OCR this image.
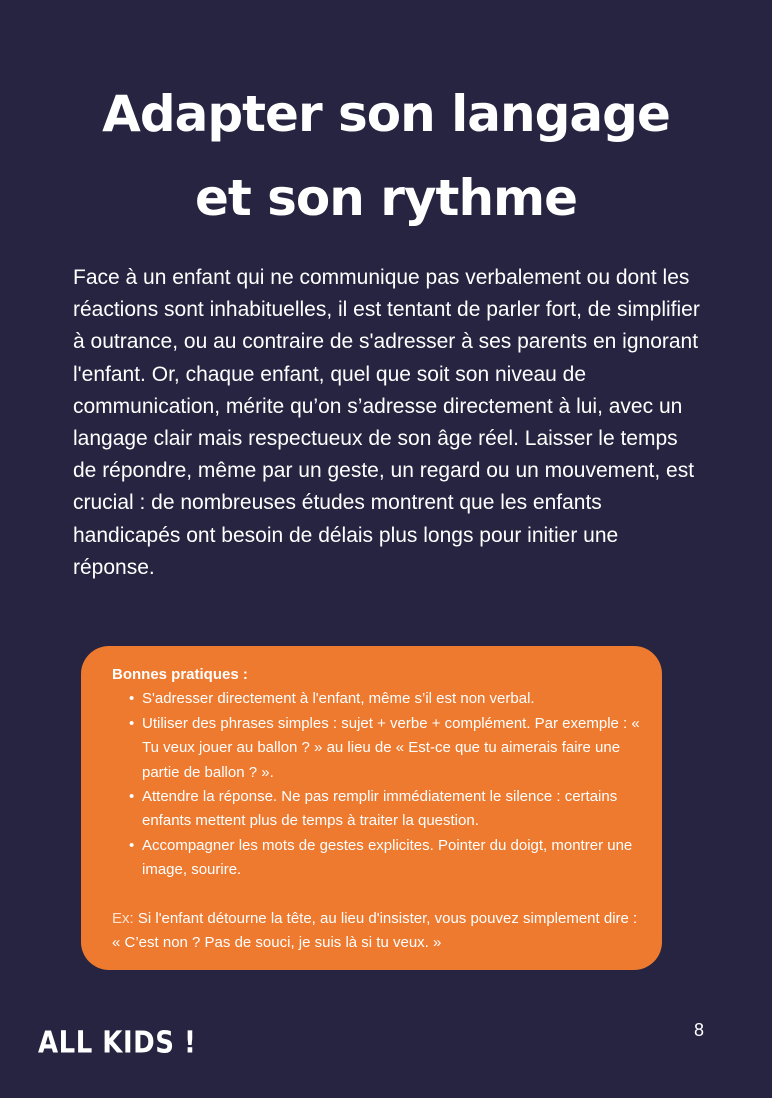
Adapter son langage
et son rythme

Face à un enfant qui ne communique pas verbalement ou dont les réactions sont inhabituelles, il est tentant de parler fort, de simplifier à outrance, ou au contraire de s'adresser à ses parents en ignorant l'enfant. Or, chaque enfant, quel que soit son niveau de communication, mérite qu’on s’adresse directement à lui, avec un langage clair mais respectueux de son âge réel. Laisser le temps de répondre, même par un geste, un regard ou un mouvement, est crucial : de nombreuses études montrent que les enfants handicapés ont besoin de délais plus longs pour initier une réponse.

Bonnes pratiques :

• S'adresser directement à l'enfant, même s’il est non verbal.
• Utiliser des phrases simples : sujet + verbe + complément. Par exemple : « Tu veux jouer au ballon ? » au lieu de « Est-ce que tu aimerais faire une partie de ballon ? ».
• Attendre la réponse. Ne pas remplir immédiatement le silence : certains enfants mettent plus de temps à traiter la question.
• Accompagner les mots de gestes explicites. Pointer du doigt, montrer une image, sourire.

Ex: Si l'enfant détourne la tête, au lieu d'insister, vous pouvez simplement dire : « C’est non ? Pas de souci, je suis là si tu veux. »

ALL KIDS !	8
